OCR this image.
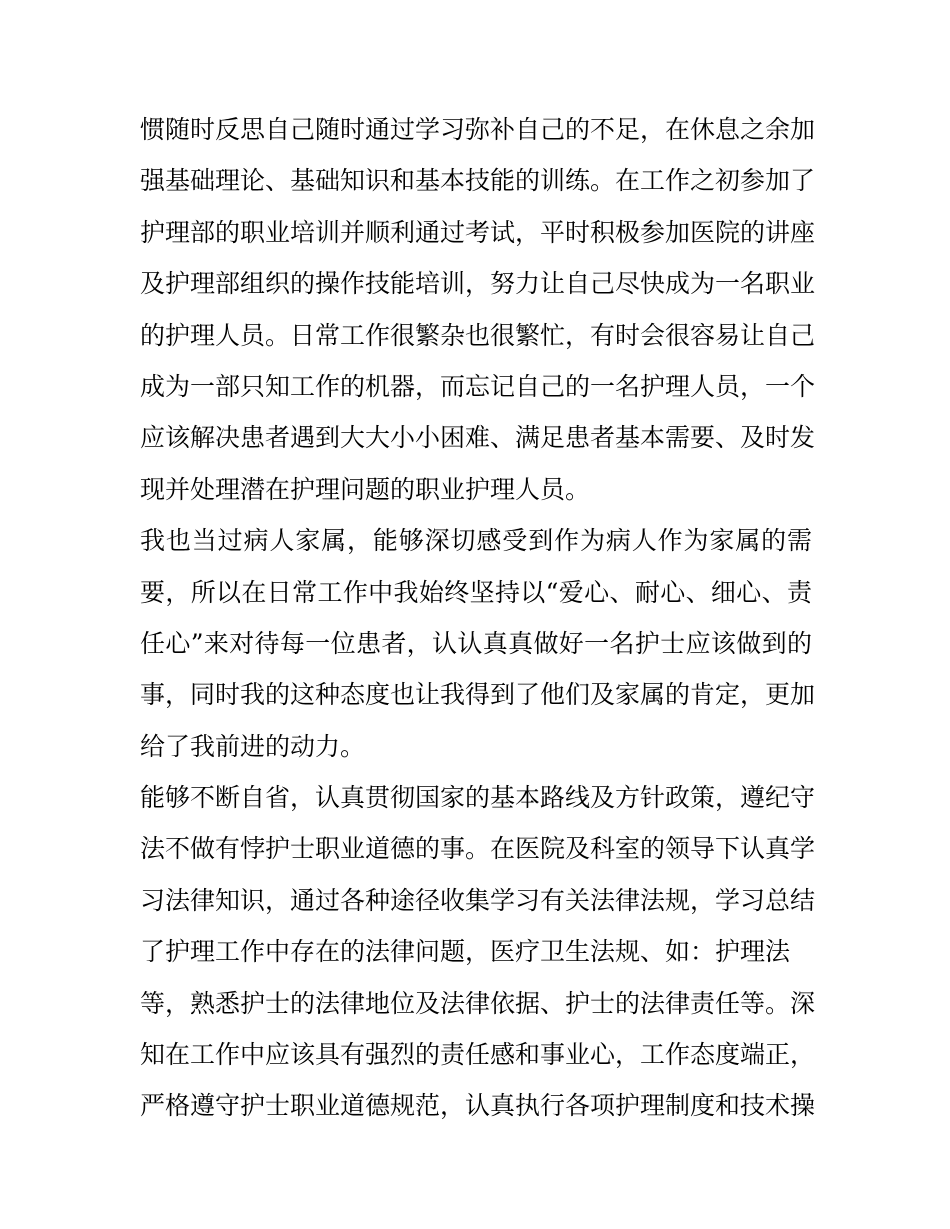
惯随时反思自己随时通过学习弥补自己的不足，在休息之余加
强基础理论、基础知识和基本技能的训练。在工作之初参加了
护理部的职业培训并顺利通过考试，平时积极参加医院的讲座
及护理部组织的操作技能培训，努力让自己尽快成为一名职业
的护理人员。日常工作很繁杂也很繁忙，有时会很容易让自己
成为一部只知工作的机器，而忘记自己的一名护理人员，一个
应该解决患者遇到大大小小困难、满足患者基本需要、及时发
现并处理潜在护理问题的职业护理人员。
我也当过病人家属，能够深切感受到作为病人作为家属的需
要，所以在日常工作中我始终坚持以“爱心、耐心、细心、责
任心”来对待每一位患者，认认真真做好一名护士应该做到的
事，同时我的这种态度也让我得到了他们及家属的肯定，更加
给了我前进的动力。
能够不断自省，认真贯彻国家的基本路线及方针政策，遵纪守
法不做有悖护士职业道德的事。在医院及科室的领导下认真学
习法律知识，通过各种途径收集学习有关法律法规，学习总结
了护理工作中存在的法律问题，医疗卫生法规、如：护理法
等，熟悉护士的法律地位及法律依据、护士的法律责任等。深
知在工作中应该具有强烈的责任感和事业心，工作态度端正，
严格遵守护士职业道德规范，认真执行各项护理制度和技术操
